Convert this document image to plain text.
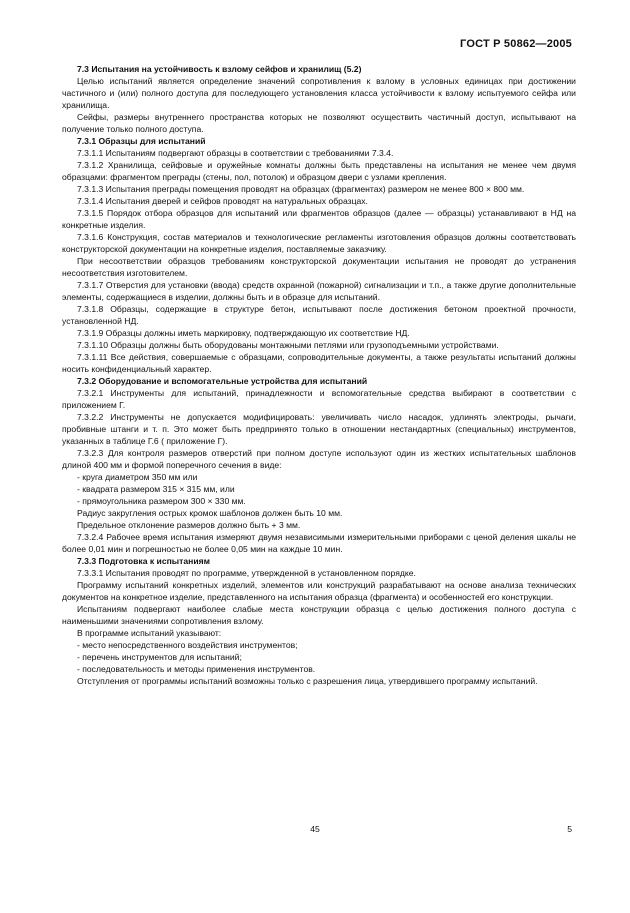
ГОСТ Р 50862—2005

7.3 Испытания на устойчивость к взлому сейфов и хранилищ (5.2)

Целью испытаний является определение значений сопротивления к взлому в условных единицах при достижении частичного и (или) полного доступа для последующего установления класса устойчивости к взлому испытуемого сейфа или хранилища.

Сейфы, размеры внутреннего пространства которых не позволяют осуществить частичный доступ, испытывают на получение только полного доступа.

7.3.1 Образцы для испытаний

7.3.1.1 Испытаниям подвергают образцы в соответствии с требованиями 7.3.4.

7.3.1.2 Хранилища, сейфовые и оружейные комнаты должны быть представлены на испытания не менее чем двумя образцами: фрагментом преграды (стены, пол, потолок) и образцом двери с узлами крепления.

7.3.1.3 Испытания преграды помещения проводят на образцах (фрагментах) размером не менее 800 × 800 мм.

7.3.1.4 Испытания дверей и сейфов проводят на натуральных образцах.

7.3.1.5 Порядок отбора образцов для испытаний или фрагментов образцов (далее — образцы) устанавливают в НД на конкретные изделия.

7.3.1.6 Конструкция, состав материалов и технологические регламенты изготовления образцов должны соответствовать конструкторской документации на конкретные изделия, поставляемые заказчику.

При несоответствии образцов требованиям конструкторской документации испытания не проводят до устранения несоответствия изготовителем.

7.3.1.7 Отверстия для установки (ввода) средств охранной (пожарной) сигнализации и т.п., а также другие дополнительные элементы, содержащиеся в изделии, должны быть и в образце для испытаний.

7.3.1.8 Образцы, содержащие в структуре бетон, испытывают после достижения бетоном проектной прочности, установленной НД.

7.3.1.9 Образцы должны иметь маркировку, подтверждающую их соответствие НД.

7.3.1.10 Образцы должны быть оборудованы монтажными петлями или грузоподъемными устройствами.

7.3.1.11 Все действия, совершаемые с образцами, сопроводительные документы, а также результаты испытаний должны носить конфиденциальный характер.

7.3.2 Оборудование и вспомогательные устройства для испытаний

7.3.2.1 Инструменты для испытаний, принадлежности и вспомогательные средства выбирают в соответствии с приложением Г.

7.3.2.2 Инструменты не допускается модифицировать: увеличивать число насадок, удлинять электроды, рычаги, пробивные штанги и т. п. Это может быть предпринято только в отношении нестандартных (специальных) инструментов, указанных в таблице Г.6 ( приложение Г).

7.3.2.3 Для контроля размеров отверстий при полном доступе используют один из жестких испытательных шаблонов длиной 400 мм и формой поперечного сечения в виде:

- круга диаметром 350 мм или

- квадрата размером 315 × 315 мм, или

- прямоугольника размером 300 × 330 мм.

Радиус закругления острых кромок шаблонов должен быть 10 мм.

Предельное отклонение размеров должно быть + 3 мм.

7.3.2.4 Рабочее время испытания измеряют двумя независимыми измерительными приборами с ценой деления шкалы не более 0,01 мин и погрешностью не более 0,05 мин на каждые 10 мин.

7.3.3 Подготовка к испытаниям

7.3.3.1 Испытания проводят по программе, утвержденной в установленном порядке.

Программу испытаний конкретных изделий, элементов или конструкций разрабатывают на основе анализа технических документов на конкретное изделие, представленного на испытания образца (фрагмента) и особенностей его конструкции.

Испытаниям подвергают наиболее слабые места конструкции образца с целью достижения полного доступа с наименьшими значениями сопротивления взлому.

В программе испытаний указывают:

- место непосредственного воздействия инструментов;

- перечень инструментов для испытаний;

- последовательность и методы применения инструментов.

Отступления от программы испытаний возможны только с разрешения лица, утвердившего программу испытаний.

45	5
